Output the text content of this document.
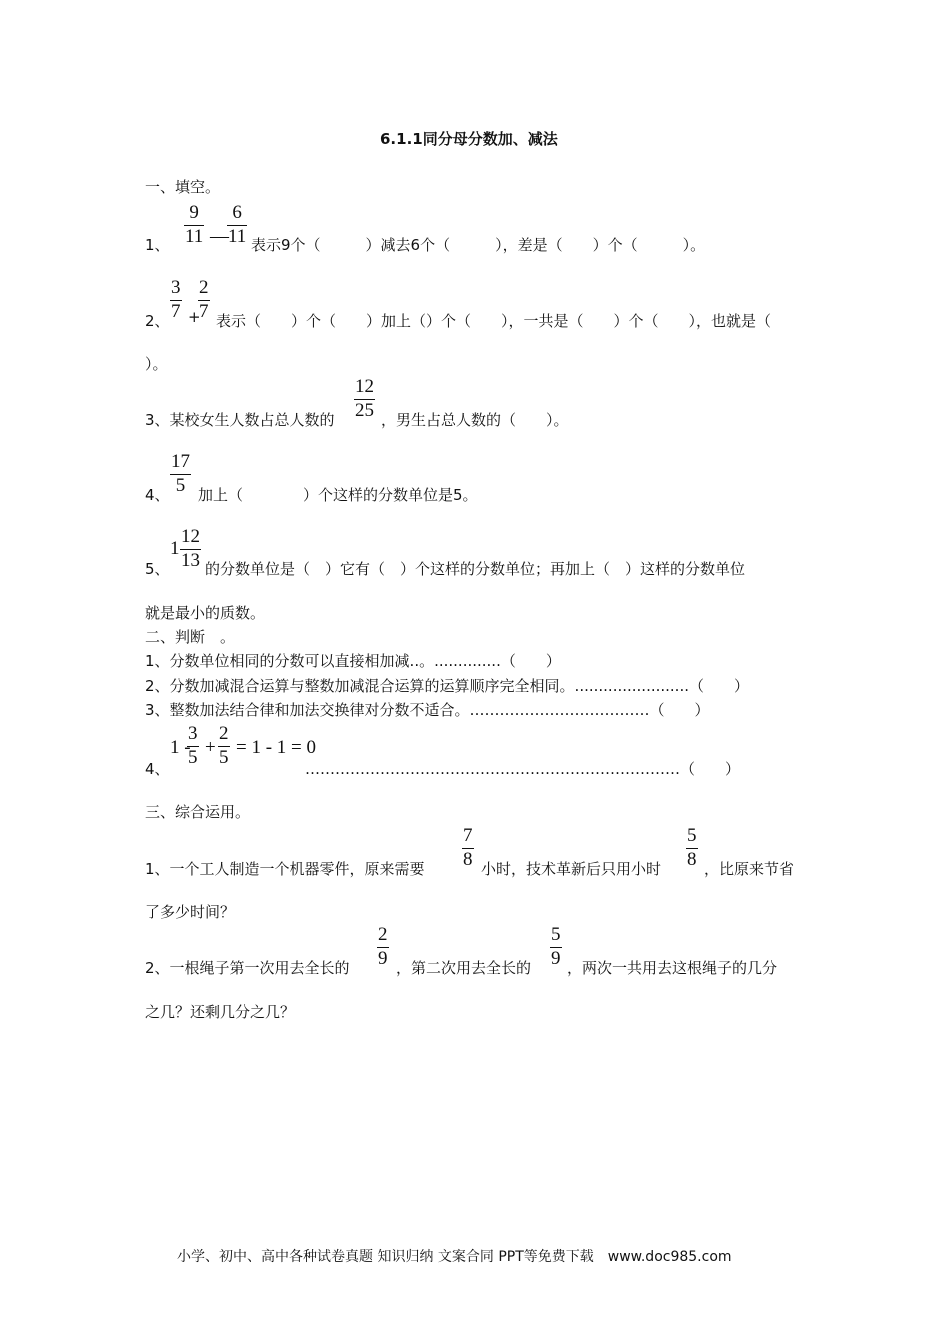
6.1.1同分母分数加、减法
一、填空。
1、
9
11 —
6
11 表示9个（　　　）减去6个（　　　），差是（　　）个（　　　）。
2、
3
7 +
2
7 表示（　　）个（　　）加上（）个（　　），一共是（　　）个（　　），也就是（
）。
3、某校女生人数占总人数的
12
25 ，男生占总人数的（　　）。
4、
17
5 加上（　　　　）个这样的分数单位是5。
5、
1
12
13 的分数单位是（　）它有（　）个这样的分数单位；再加上（　）这样的分数单位
就是最小的质数。
二、判断　。
1、分数单位相同的分数可以直接相加减..。..............（　　）
2、分数加减混合运算与整数加减混合运算的运算顺序完全相同。........................（　　）
3、整数加法结合律和加法交换律对分数不适合。………………………………（　　）
4、
1 -
3
5 +
2
5 = 1 - 1 = 0
…………………………………………………………………（　　）
三、综合运用。
1、一个工人制造一个机器零件，原来需要
7
8 小时，技术革新后只用小时
5
8 ，比原来节省
了多少时间？
2、一根绳子第一次用去全长的
2
9 ，第二次用去全长的
5
9 ，两次一共用去这根绳子的几分
之几？还剩几分之几？
小学、初中、高中各种试卷真题 知识归纳 文案合同 PPT等免费下载　www.doc985.com
